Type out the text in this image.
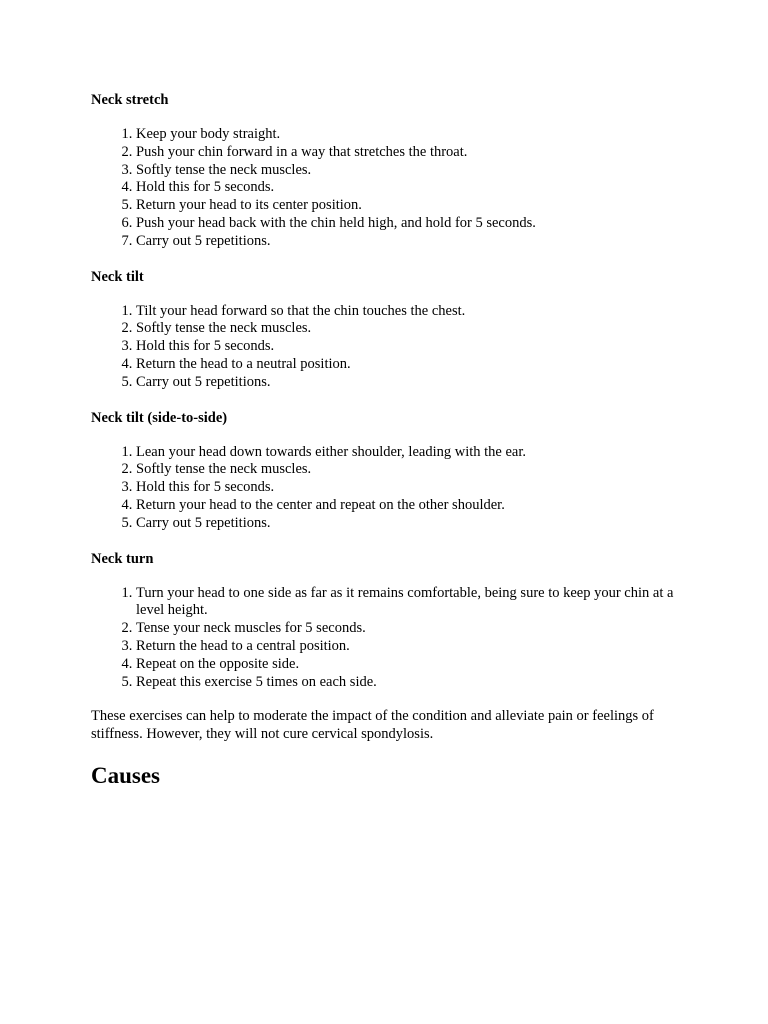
Neck stretch

1. Keep your body straight.
2. Push your chin forward in a way that stretches the throat.
3. Softly tense the neck muscles.
4. Hold this for 5 seconds.
5. Return your head to its center position.
6. Push your head back with the chin held high, and hold for 5 seconds.
7. Carry out 5 repetitions.

Neck tilt

1. Tilt your head forward so that the chin touches the chest.
2. Softly tense the neck muscles.
3. Hold this for 5 seconds.
4. Return the head to a neutral position.
5. Carry out 5 repetitions.

Neck tilt (side-to-side)

1. Lean your head down towards either shoulder, leading with the ear.
2. Softly tense the neck muscles.
3. Hold this for 5 seconds.
4. Return your head to the center and repeat on the other shoulder.
5. Carry out 5 repetitions.

Neck turn

1. Turn your head to one side as far as it remains comfortable, being sure to keep your chin at a level height.
2. Tense your neck muscles for 5 seconds.
3. Return the head to a central position.
4. Repeat on the opposite side.
5. Repeat this exercise 5 times on each side.

These exercises can help to moderate the impact of the condition and alleviate pain or feelings of stiffness. However, they will not cure cervical spondylosis.

Causes
